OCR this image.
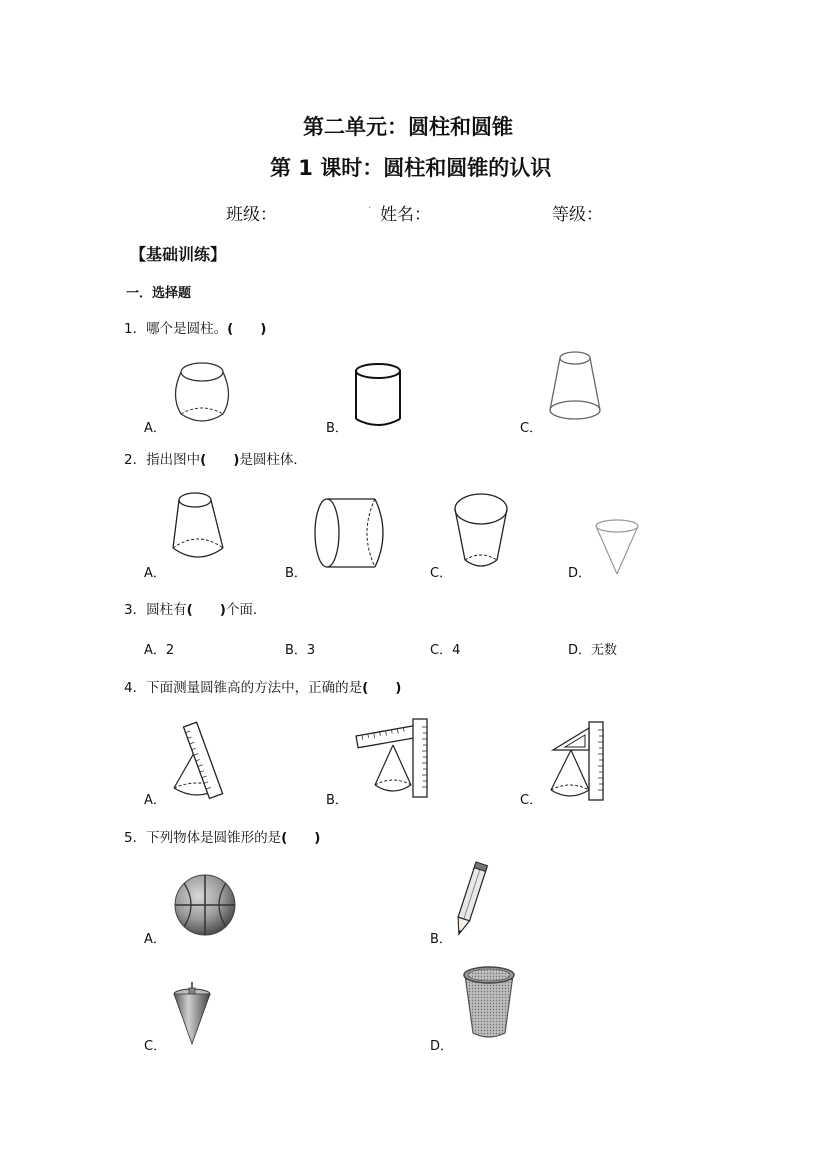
第二单元：圆柱和圆锥
第 1 课时：圆柱和圆锥的认识
班级：	. 姓名：	等级：
【基础训练】
一．选择题
1．哪个是圆柱。(　　)
A．	B．	C．
2．指出图中(　　)是圆柱体．
A．	B．	C．	D．
3．圆柱有(　　)个面．
A．2	B．3	C．4	D．无数
4．下面测量圆锥高的方法中，正确的是(　　)
A．	B．	C．
5．下列物体是圆锥形的是(　　)
A．	B．
C．	D．
